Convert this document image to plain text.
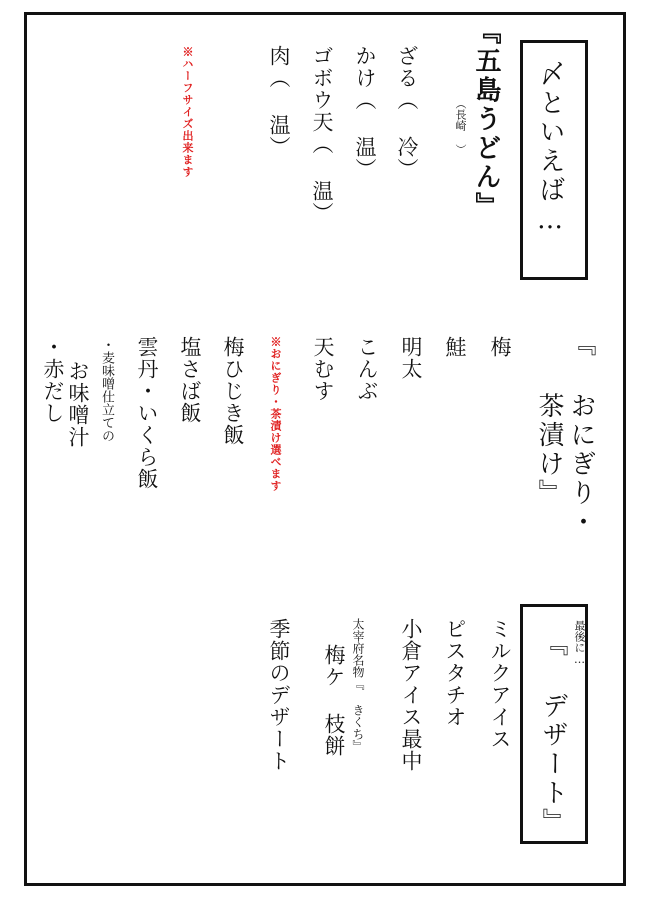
〆といえば…
『五島うどん』
（長崎 ）
ざる（ 冷）
かけ（ 温）
ゴボウ天（ 温）
肉（ 温）
※ハーフサイズ出来ます
『 おにぎり・
茶漬け』
梅
鮭
明太
こんぶ
天むす
※おにぎり・茶漬け選べます
梅ひじき飯
塩さば飯
雲丹・いくら飯
・麦味噌仕立ての
お味噌汁
・赤だし
最後に…
『 デザート』
ミルクアイス
ピスタチオ
小倉アイス最中
太宰府名物『 きくち』
梅ケ 枝餅
季節のデザート
